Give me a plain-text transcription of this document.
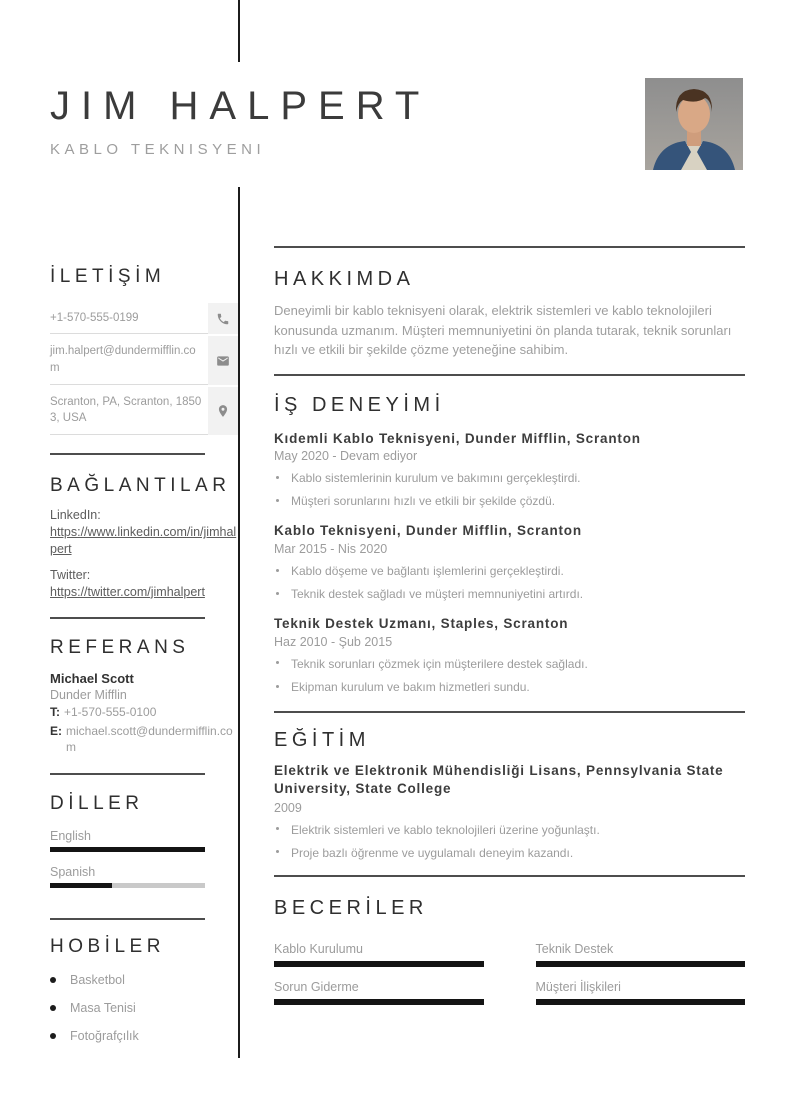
JIM HALPERT
KABLO TEKNISYENI
İLETİŞİM
+1-570-555-0199
jim.halpert@dundermifflin.com
Scranton, PA, Scranton, 18503, USA
BAĞLANTILAR
LinkedIn:
https://www.linkedin.com/in/jimhalpert
Twitter:
https://twitter.com/jimhalpert
REFERANS
Michael Scott
Dunder Mifflin
T: +1-570-555-0100
E: michael.scott@dundermifflin.com
DİLLER
English
Spanish
HOBİLER
Basketbol
Masa Tenisi
Fotoğrafçılık
HAKKIMDA

Deneyimli bir kablo teknisyeni olarak, elektrik sistemleri ve kablo teknolojileri konusunda uzmanım. Müşteri memnuniyetini ön planda tutarak, teknik sorunları hızlı ve etkili bir şekilde çözme yeteneğine sahibim.

İŞ DENEYİMİ
Kıdemli Kablo Teknisyeni, Dunder Mifflin, Scranton
May 2020 - Devam ediyor
Kablo sistemlerinin kurulum ve bakımını gerçekleştirdi.
Müşteri sorunlarını hızlı ve etkili bir şekilde çözdü.
Kablo Teknisyeni, Dunder Mifflin, Scranton
Mar 2015 - Nis 2020
Kablo döşeme ve bağlantı işlemlerini gerçekleştirdi.
Teknik destek sağladı ve müşteri memnuniyetini artırdı.
Teknik Destek Uzmanı, Staples, Scranton
Haz 2010 - Şub 2015
Teknik sorunları çözmek için müşterilere destek sağladı.
Ekipman kurulum ve bakım hizmetleri sundu.
EĞİTİM
Elektrik ve Elektronik Mühendisliği Lisans, Pennsylvania State University, State College
2009
Elektrik sistemleri ve kablo teknolojileri üzerine yoğunlaştı.
Proje bazlı öğrenme ve uygulamalı deneyim kazandı.
BECERİLER
Kablo Kurulumu	Teknik Destek
Sorun Giderme	Müşteri İlişkileri
